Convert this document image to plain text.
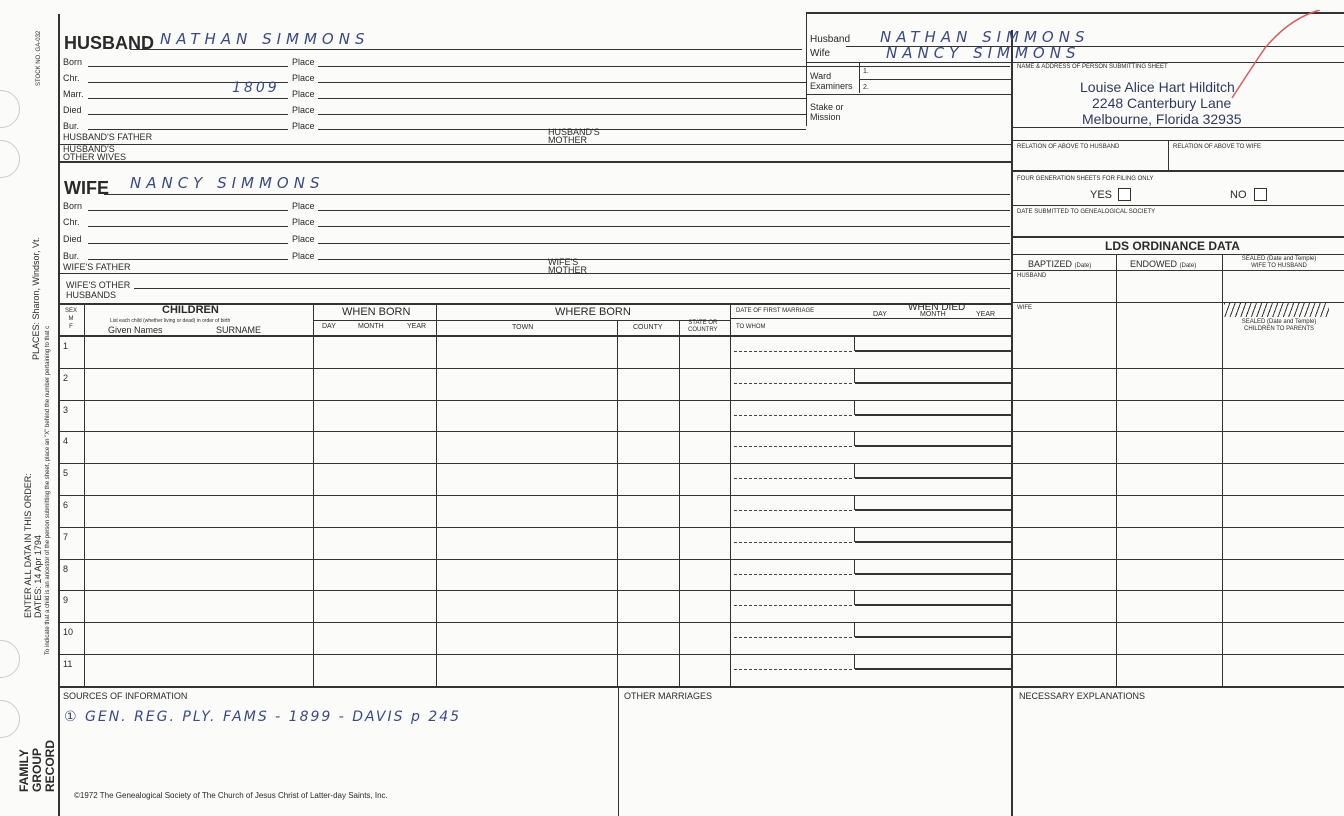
STOCK NO. GA-032
PLACES: Sharon, Windsor, Vt.
ENTER ALL DATA IN THIS ORDER: DATES: 14 Apr 1794 To indicate that a child is an ancestor of the person submitting the sheet, place an "X" behind the number pertaining to that c
FAMILY GROUP RECORD
HUSBAND NATHAN SIMMONS
Born	Place
Chr.	Place
Marr.	1809 Place
Died	Place
Bur.	Place
HUSBAND'S FATHER	HUSBAND'S
MOTHER
HUSBAND'S
OTHER WIVES
WIFE NANCY SIMMONS
Born	Place
Chr.	Place
Died	Place
Bur.	Place
WIFE'S FATHER	WIFE'S
MOTHER
WIFE'S OTHER
HUSBANDS
Husband NATHAN SIMMONS
Wife	NANCY SIMMONS
Ward
Examiners
1.
2.
Stake or
Mission
NAME & ADDRESS OF PERSON SUBMITTING SHEET
Louise Alice Hart Hilditch
2248 Canterbury Lane
Melbourne, Florida 32935
RELATION OF ABOVE TO HUSBAND	RELATION OF ABOVE TO WIFE
FOUR GENERATION SHEETS FOR FILING ONLY
YES	NO
DATE SUBMITTED TO GENEALOGICAL SOCIETY
LDS ORDINANCE DATA
BAPTIZED (Date)	ENDOWED (Date)
SEALED (Date and Temple)
WIFE TO HUSBAND
HUSBAND
WIFE
SEALED (Date and Temple)
CHILDREN TO PARENTS
SEX
M
F
CHILDREN
List each child (whether living or dead) in order of birth
Given Names	SURNAME
WHEN BORN
DAY	MONTH	YEAR
WHERE BORN
TOWN	COUNTY
STATE OR
COUNTRY
DATE OF FIRST MARRIAGE
TO WHOM
WHEN DIED
DAY	MONTH	YEAR
1
2
3
4
5
6
7
8
9
10
11
SOURCES OF INFORMATION
① GEN. REG. PLY. FAMS - 1899 - DAVIS p 245
OTHER MARRIAGES	NECESSARY EXPLANATIONS
©1972 The Genealogical Society of The Church of Jesus Christ of Latter-day Saints, Inc.
